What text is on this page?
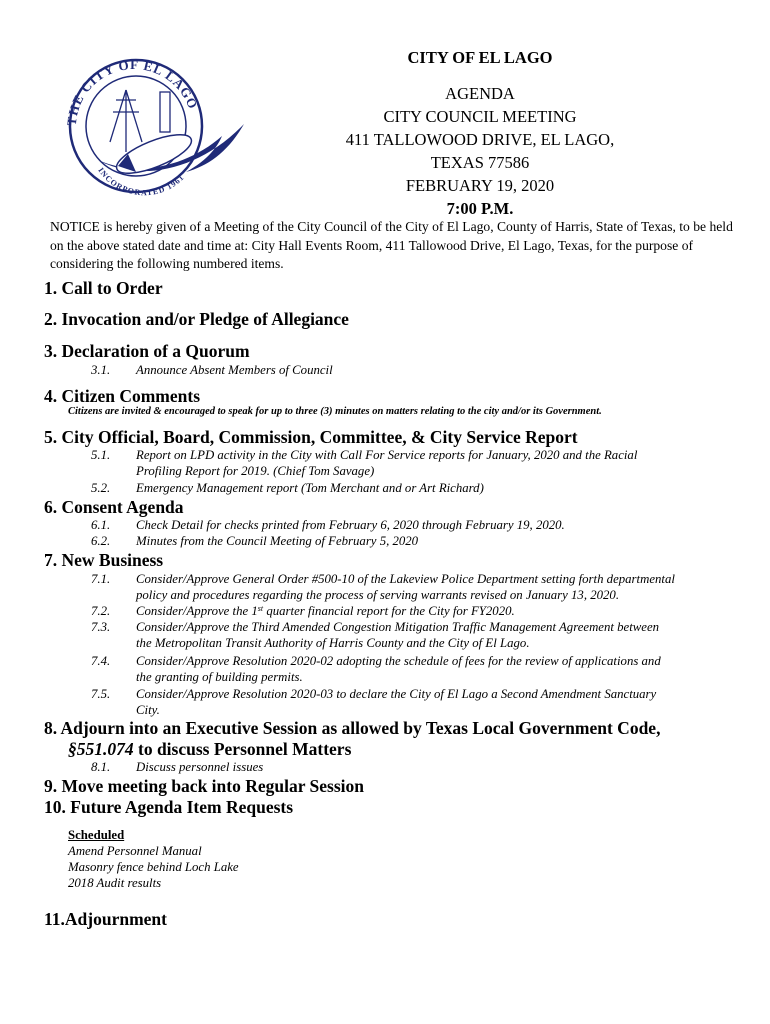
THE CITY OF EL LAGO
INCORPORATED 1961
CITY OF EL LAGO
AGENDA
CITY COUNCIL MEETING
411 TALLOWOOD DRIVE, EL LAGO,
TEXAS 77586
FEBRUARY 19, 2020
7:00 P.M.
NOTICE is hereby given of a Meeting of the City Council of the City of El Lago, County of Harris, State of Texas, to be held on the above stated date and time at: City Hall Events Room, 411 Tallowood Drive, El Lago, Texas, for the purpose of considering the following numbered items.
1. Call to Order
2. Invocation and/or Pledge of Allegiance
3. Declaration of a Quorum
3.1. Announce Absent Members of Council
4. Citizen Comments
Citizens are invited & encouraged to speak for up to three (3) minutes on matters relating to the city and/or its Government.
5. City Official, Board, Commission, Committee, & City Service Report
5.1. Report on LPD activity in the City with Call For Service reports for January, 2020 and the Racial
Profiling Report for 2019. (Chief Tom Savage)
5.2. Emergency Management report (Tom Merchant and or Art Richard)
6. Consent Agenda
6.1. Check Detail for checks printed from February 6, 2020 through February 19, 2020.
6.2. Minutes from the Council Meeting of February 5, 2020
7. New Business
7.1. Consider/Approve General Order #500-10 of the Lakeview Police Department setting forth departmental
policy and procedures regarding the process of serving warrants revised on January 13, 2020.
7.2. Consider/Approve the 1st quarter financial report for the City for FY2020.
7.3. Consider/Approve the Third Amended Congestion Mitigation Traffic Management Agreement between
the Metropolitan Transit Authority of Harris County and the City of El Lago.
7.4. Consider/Approve Resolution 2020-02 adopting the schedule of fees for the review of applications and
the granting of building permits.
7.5. Consider/Approve Resolution 2020-03 to declare the City of El Lago a Second Amendment Sanctuary
City.
8. Adjourn into an Executive Session as allowed by Texas Local Government Code,
§551.074 to discuss Personnel Matters
8.1. Discuss personnel issues
9. Move meeting back into Regular Session
10. Future Agenda Item Requests
Scheduled
Amend Personnel Manual
Masonry fence behind Loch Lake
2018 Audit results
11.Adjournment
